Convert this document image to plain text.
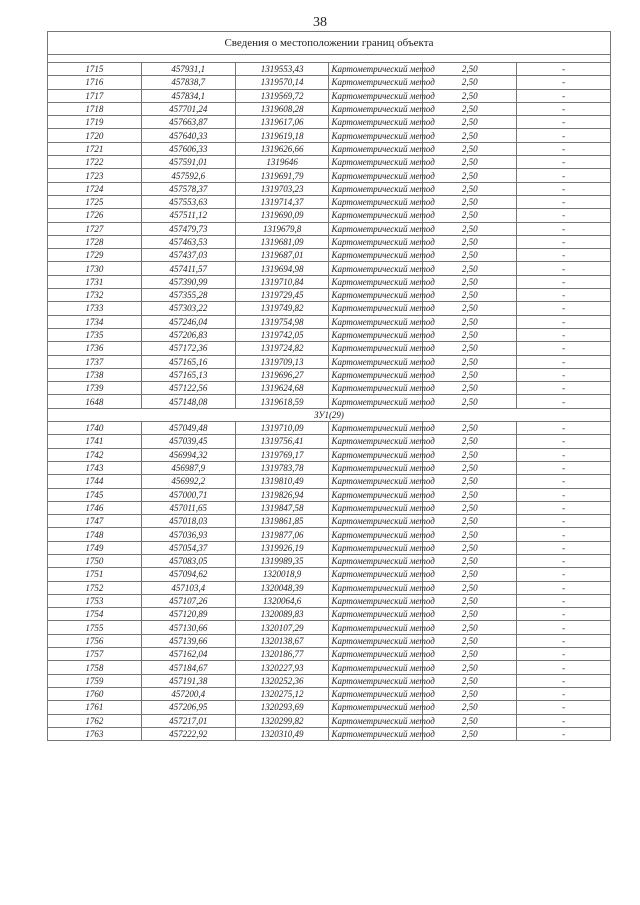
38
Сведения о местоположении границ объекта					

1715	457931,1	1319553,43	Картометрический метод	2,50	-
1716	457838,7	1319570,14	Картометрический метод	2,50	-
1717	457834,1	1319569,72	Картометрический метод	2,50	-
1718	457701,24	1319608,28	Картометрический метод	2,50	-
1719	457663,87	1319617,06	Картометрический метод	2,50	-
1720	457640,33	1319619,18	Картометрический метод	2,50	-
1721	457606,33	1319626,66	Картометрический метод	2,50	-
1722	457591,01	1319646	Картометрический метод	2,50	-
1723	457592,6	1319691,79	Картометрический метод	2,50	-
1724	457578,37	1319703,23	Картометрический метод	2,50	-
1725	457553,63	1319714,37	Картометрический метод	2,50	-
1726	457511,12	1319690,09	Картометрический метод	2,50	-
1727	457479,73	1319679,8	Картометрический метод	2,50	-
1728	457463,53	1319681,09	Картометрический метод	2,50	-
1729	457437,03	1319687,01	Картометрический метод	2,50	-
1730	457411,57	1319694,98	Картометрический метод	2,50	-
1731	457390,99	1319710,84	Картометрический метод	2,50	-
1732	457355,28	1319729,45	Картометрический метод	2,50	-
1733	457303,22	1319749,82	Картометрический метод	2,50	-
1734	457246,04	1319754,98	Картометрический метод	2,50	-
1735	457206,83	1319742,05	Картометрический метод	2,50	-
1736	457172,36	1319724,82	Картометрический метод	2,50	-
1737	457165,16	1319709,13	Картометрический метод	2,50	-
1738	457165,13	1319696,27	Картометрический метод	2,50	-
1739	457122,56	1319624,68	Картометрический метод	2,50	-
1648	457148,08	1319618,59	Картометрический метод	2,50	-
ЗУ1(29)					
1740	457049,48	1319710,09	Картометрический метод	2,50	-
1741	457039,45	1319756,41	Картометрический метод	2,50	-
1742	456994,32	1319769,17	Картометрический метод	2,50	-
1743	456987,9	1319783,78	Картометрический метод	2,50	-
1744	456992,2	1319810,49	Картометрический метод	2,50	-
1745	457000,71	1319826,94	Картометрический метод	2,50	-
1746	457011,65	1319847,58	Картометрический метод	2,50	-
1747	457018,03	1319861,85	Картометрический метод	2,50	-
1748	457036,93	1319877,06	Картометрический метод	2,50	-
1749	457054,37	1319926,19	Картометрический метод	2,50	-
1750	457083,05	1319989,35	Картометрический метод	2,50	-
1751	457094,62	1320018,9	Картометрический метод	2,50	-
1752	457103,4	1320048,39	Картометрический метод	2,50	-
1753	457107,26	1320064,6	Картометрический метод	2,50	-
1754	457120,89	1320089,83	Картометрический метод	2,50	-
1755	457130,66	1320107,29	Картометрический метод	2,50	-
1756	457139,66	1320138,67	Картометрический метод	2,50	-
1757	457162,04	1320186,77	Картометрический метод	2,50	-
1758	457184,67	1320227,93	Картометрический метод	2,50	-
1759	457191,38	1320252,36	Картометрический метод	2,50	-
1760	457200,4	1320275,12	Картометрический метод	2,50	-
1761	457206,95	1320293,69	Картометрический метод	2,50	-
1762	457217,01	1320299,82	Картометрический метод	2,50	-
1763	457222,92	1320310,49	Картометрический метод	2,50	-
